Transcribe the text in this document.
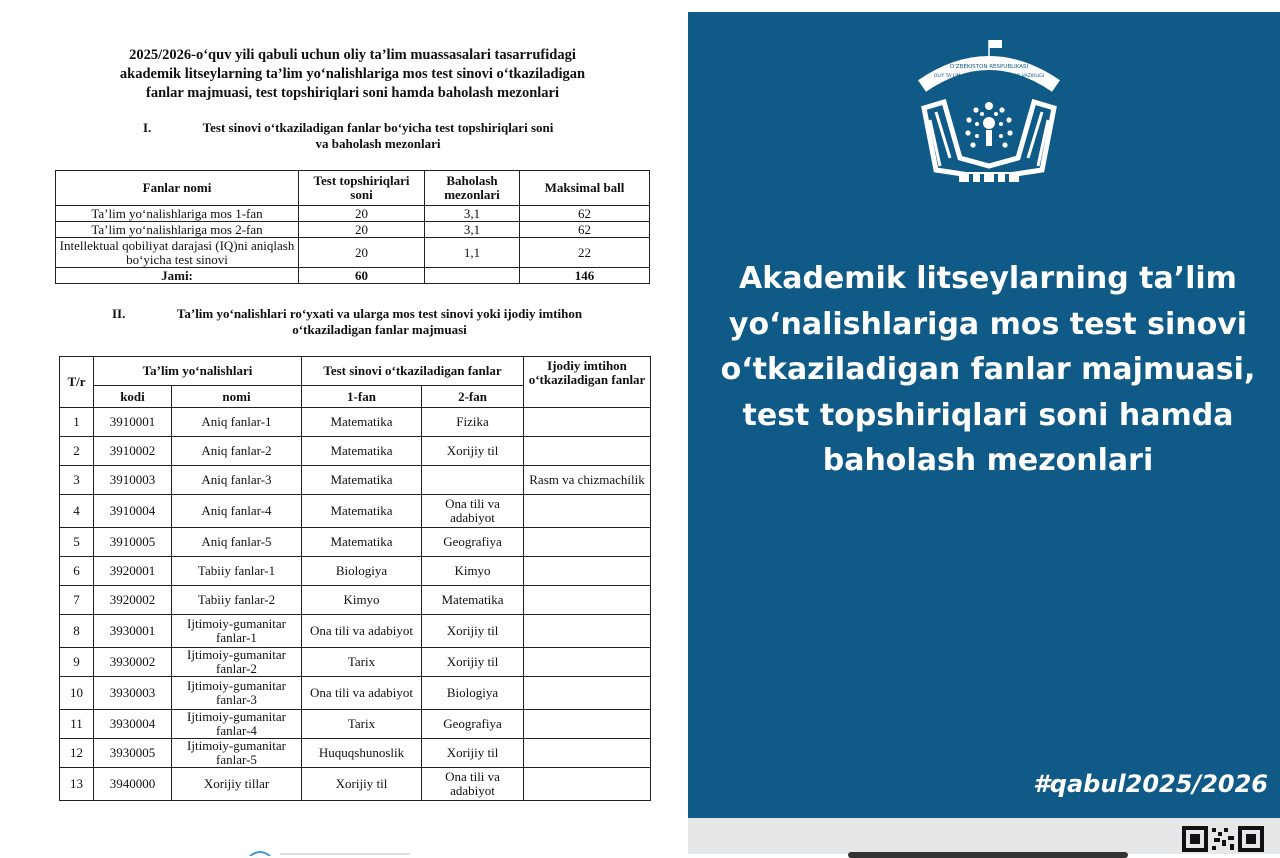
2025/2026-o‘quv yili qabuli uchun oliy ta’lim muassasalari tasarrufidagi
akademik litseylarning ta’lim yo‘nalishlariga mos test sinovi o‘tkaziladigan
fanlar majmuasi, test topshiriqlari soni hamda baholash mezonlari
I.	Test sinovi o‘tkaziladigan fanlar bo‘yicha test topshiriqlari soni
va baholash mezonlari
Fanlar nomi	Test topshiriqlari soni	Baholash mezonlari	Maksimal ball
Ta’lim yo‘nalishlariga mos 1-fan	20	3,1	62
Ta’lim yo‘nalishlariga mos 2-fan	20	3,1	62
Intellektual qobiliyat darajasi (IQ)ni aniqlash bo‘yicha test sinovi	20	1,1	22
Jami:	60		146
II.	Ta’lim yo‘nalishlari ro‘yxati va ularga mos test sinovi yoki ijodiy imtihon
o‘tkaziladigan fanlar majmuasi
T/r	Ta’lim yo‘nalishlari		Test sinovi o‘tkaziladigan fanlar		Ijodiy imtihon o‘tkaziladigan fanlar
	kodi	nomi	1-fan	2-fan	
1	3910001	Aniq fanlar-1	Matematika	Fizika	
2	3910002	Aniq fanlar-2	Matematika	Xorijiy til	
3	3910003	Aniq fanlar-3	Matematika		Rasm va chizmachilik
4	3910004	Aniq fanlar-4	Matematika	Ona tili va adabiyot	
5	3910005	Aniq fanlar-5	Matematika	Geografiya	
6	3920001	Tabiiy fanlar-1	Biologiya	Kimyo	
7	3920002	Tabiiy fanlar-2	Kimyo	Matematika	
8	3930001	Ijtimoiy-gumanitar fanlar-1	Ona tili va adabiyot	Xorijiy til	
9	3930002	Ijtimoiy-gumanitar fanlar-2	Tarix	Xorijiy til	
10	3930003	Ijtimoiy-gumanitar fanlar-3	Ona tili va adabiyot	Biologiya	
11	3930004	Ijtimoiy-gumanitar fanlar-4	Tarix	Geografiya	
12	3930005	Ijtimoiy-gumanitar fanlar-5	Huquqshunoslik	Xorijiy til	
13	3940000	Xorijiy tillar	Xorijiy til	Ona tili va adabiyot	
O‘ZBEKISTON RESPUBLIKASI
OLIY TA’LIM, FAN VA INNOVATSIYALAR VAZIRLIGI
Akademik litseylarning ta’lim yo‘nalishlariga mos test sinovi o‘tkaziladigan fanlar majmuasi, test topshiriqlari soni hamda baholash mezonlari
#qabul2025/2026
